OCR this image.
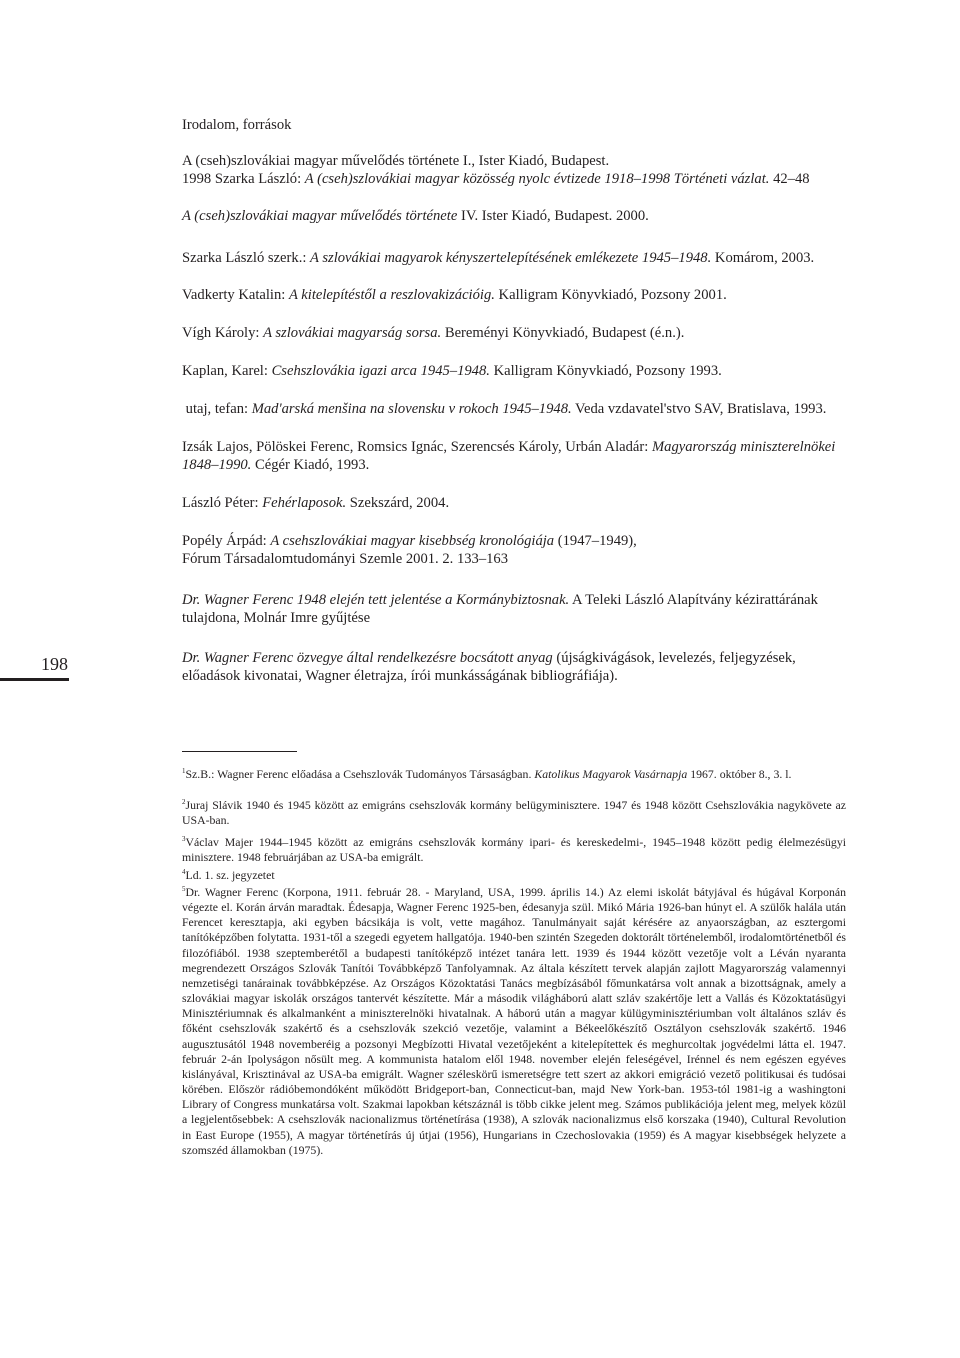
Irodalom, források
A (cseh)szlovákiai magyar művelődés története I., Ister Kiadó, Budapest.
1998 Szarka László: A (cseh)szlovákiai magyar közösség nyolc évtizede 1918–1998 Történeti vázlat. 42–48
A (cseh)szlovákiai magyar művelődés története IV. Ister Kiadó, Budapest. 2000.
Szarka László szerk.: A szlovákiai magyarok kényszertelepítésének emlékezete 1945–1948. Komárom, 2003.
Vadkerty Katalin: A kitelepítéstől a reszlovakizációig. Kalligram Könyvkiadó, Pozsony 2001.
Vígh Károly: A szlovákiai magyarság sorsa. Bereményi Könyvkiadó, Budapest (é.n.).
Kaplan, Karel: Csehszlovákia igazi arca 1945–1948. Kalligram Könyvkiadó, Pozsony 1993.
utaj, tefan: Mad'arská menšina na slovensku v rokoch 1945–1948. Veda vzdavatel'stvo SAV, Bratislava, 1993.
Izsák Lajos, Pölöskei Ferenc, Romsics Ignác, Szerencsés Károly, Urbán Aladár: Magyarország miniszterelnökei 1848–1990. Cégér Kiadó, 1993.
László Péter: Fehérlaposok. Szekszárd, 2004.
Popély Árpád: A csehszlovákiai magyar kisebbség kronológiája (1947–1949),
Fórum Társadalomtudományi Szemle 2001. 2. 133–163
Dr. Wagner Ferenc 1948 elején tett jelentése a Kormánybiztosnak. A Teleki László Alapítvány kézirattárának tulajdona, Molnár Imre gyűjtése
Dr. Wagner Ferenc özvegye által rendelkezésre bocsátott anyag (újságkivágások, levelezés, feljegyzések, előadások kivonatai, Wagner életrajza, írói munkásságának bibliográfiája).
198
$^1$Sz.B.: Wagner Ferenc előadása a Csehszlovák Tudományos Társaságban. Katolikus Magyarok Vasárnapja 1967. október 8., 3. l.
$^2$Juraj Slávik 1940 és 1945 között az emigráns csehszlovák kormány belügyminisztere. 1947 és 1948 között Csehszlovákia nagykövete az USA-ban.
$^3$Václav Majer 1944–1945 között az emigráns csehszlovák kormány ipari- és kereskedelmi-, 1945–1948 között pedig élelmezésügyi minisztere. 1948 februárjában az USA-ba emigrált.
$^4$Ld. 1. sz. jegyzetet
$^5$Dr. Wagner Ferenc (Korpona, 1911. február 28. - Maryland, USA, 1999. április 14.) Az elemi iskolát bátyjával és húgával Korponán végezte el. Korán árván maradtak. Édesapja, Wagner Ferenc 1925-ben, édesanyja szül. Mikó Mária 1926-ban húnyt el. A szülők halála után Ferencet keresztapja, aki egyben bácsikája is volt, vette magához. Tanulmányait saját kérésére az anyaországban, az esztergomi tanítóképzőben folytatta. 1931-től a szegedi egyetem hallgatója. 1940-ben szintén Szegeden doktorált történelemből, irodalomtörténetből és filozófiából. 1938 szeptemberétől a budapesti tanítóképző intézet tanára lett. 1939 és 1944 között vezetője volt a Léván nyaranta megrendezett Országos Szlovák Tanítói Továbbképző Tanfolyamnak. Az általa készített tervek alapján zajlott Magyarország valamennyi nemzetiségi tanárainak továbbképzése. Az Országos Közoktatási Tanács megbízásából főmunkatársa volt annak a bizottságnak, amely a szlovákiai magyar iskolák országos tantervét készítette. Már a második világháború alatt szláv szakértője lett a Vallás és Közoktatásügyi Minisztériumnak és alkalmanként a miniszterelnöki hivatalnak. A háború után a magyar külügyminisztériumban volt általános szláv és főként csehszlovák szakértő és a csehszlovák szekció vezetője, valamint a Békeelőkészítő Osztályon csehszlovák szakértő. 1946 augusztusától 1948 novemberéig a pozsonyi Megbízotti Hivatal vezetőjeként a kitelepítettek és meghurcoltak jogvédelmi látta el. 1947. február 2-án Ipolyságon nősült meg. A kommunista hatalom elől 1948. november elején feleségével, Irénnel és nem egészen egyéves kislányával, Krisztinával az USA-ba emigrált. Wagner széleskörű ismeretségre tett szert az akkori emigráció vezető politikusai és tudósai körében. Először rádióbemondóként működött Bridgeport-ban, Connecticut-ban, majd New York-ban. 1953-tól 1981-ig a washingtoni Library of Congress munkatársa volt. Szakmai lapokban kétszáznál is több cikke jelent meg. Számos publikációja jelent meg, melyek közül a legjelentősebbek: A csehszlovák nacionalizmus történetírása (1938), A szlovák nacionalizmus első korszaka (1940), Cultural Revolution in East Europe (1955), A magyar történetírás új útjai (1956), Hungarians in Czechoslovakia (1959) és A magyar kisebbségek helyzete a szomszéd államokban (1975).
